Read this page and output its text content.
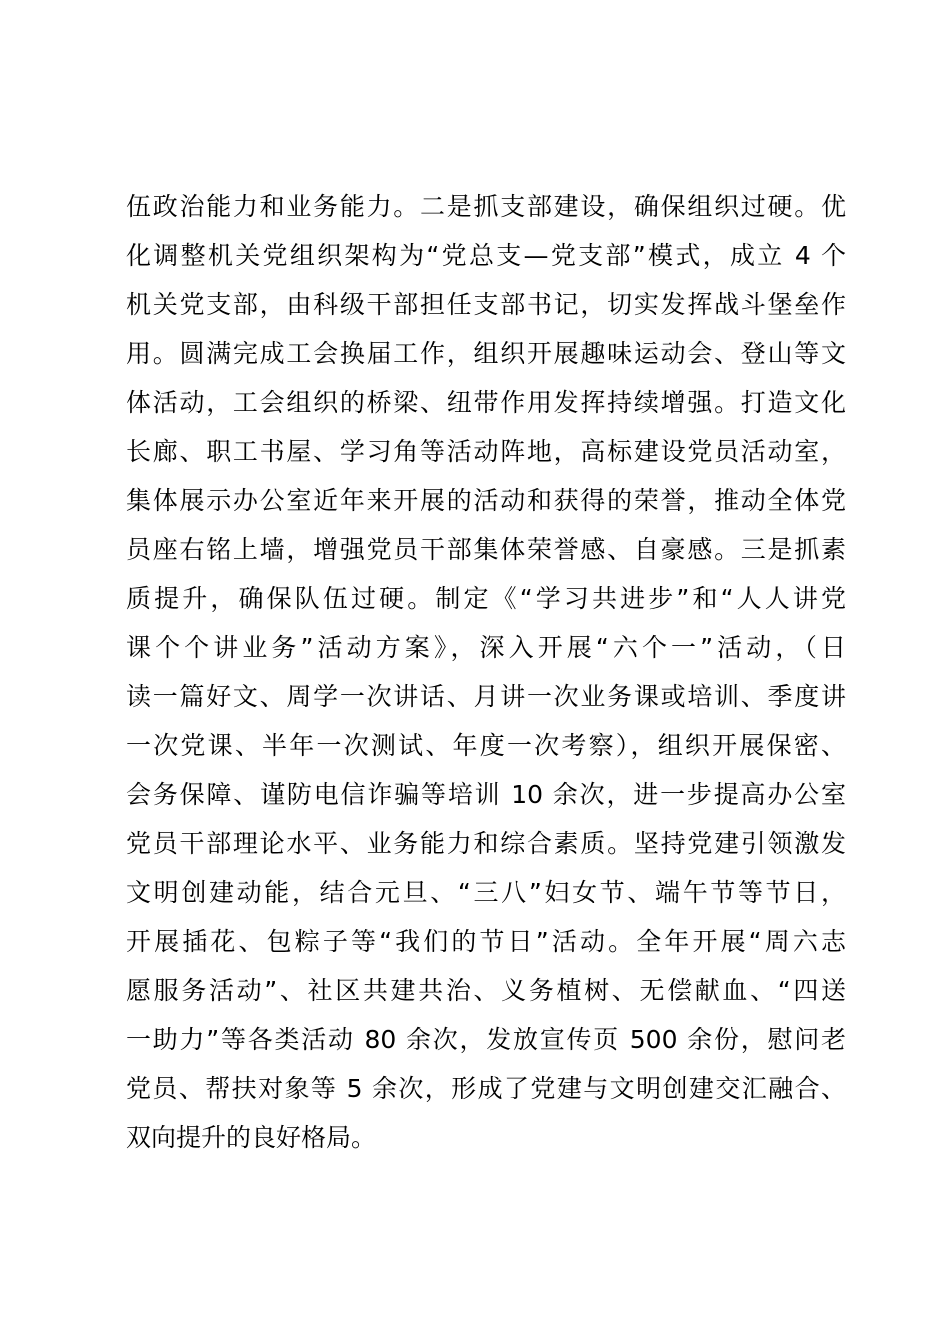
伍政治能力和业务能力。二是抓支部建设，确保组织过硬。优
化调整机关党组织架构为“党总支—党支部”模式，成立 4 个
机关党支部，由科级干部担任支部书记，切实发挥战斗堡垒作
用。圆满完成工会换届工作，组织开展趣味运动会、登山等文
体活动，工会组织的桥梁、纽带作用发挥持续增强。打造文化
长廊、职工书屋、学习角等活动阵地，高标建设党员活动室，
集体展示办公室近年来开展的活动和获得的荣誉，推动全体党
员座右铭上墙，增强党员干部集体荣誉感、自豪感。三是抓素
质提升，确保队伍过硬。制定《“学习共进步”和“人人讲党
课个个讲业务”活动方案》，深入开展“六个一”活动，（日
读一篇好文、周学一次讲话、月讲一次业务课或培训、季度讲
一次党课、半年一次测试、年度一次考察），组织开展保密、
会务保障、谨防电信诈骗等培训 10 余次，进一步提高办公室
党员干部理论水平、业务能力和综合素质。坚持党建引领激发
文明创建动能，结合元旦、“三八”妇女节、端午节等节日，
开展插花、包粽子等“我们的节日”活动。全年开展“周六志
愿服务活动”、社区共建共治、义务植树、无偿献血、“四送
一助力”等各类活动 80 余次，发放宣传页 500 余份，慰问老
党员、帮扶对象等 5 余次，形成了党建与文明创建交汇融合、
双向提升的良好格局。
